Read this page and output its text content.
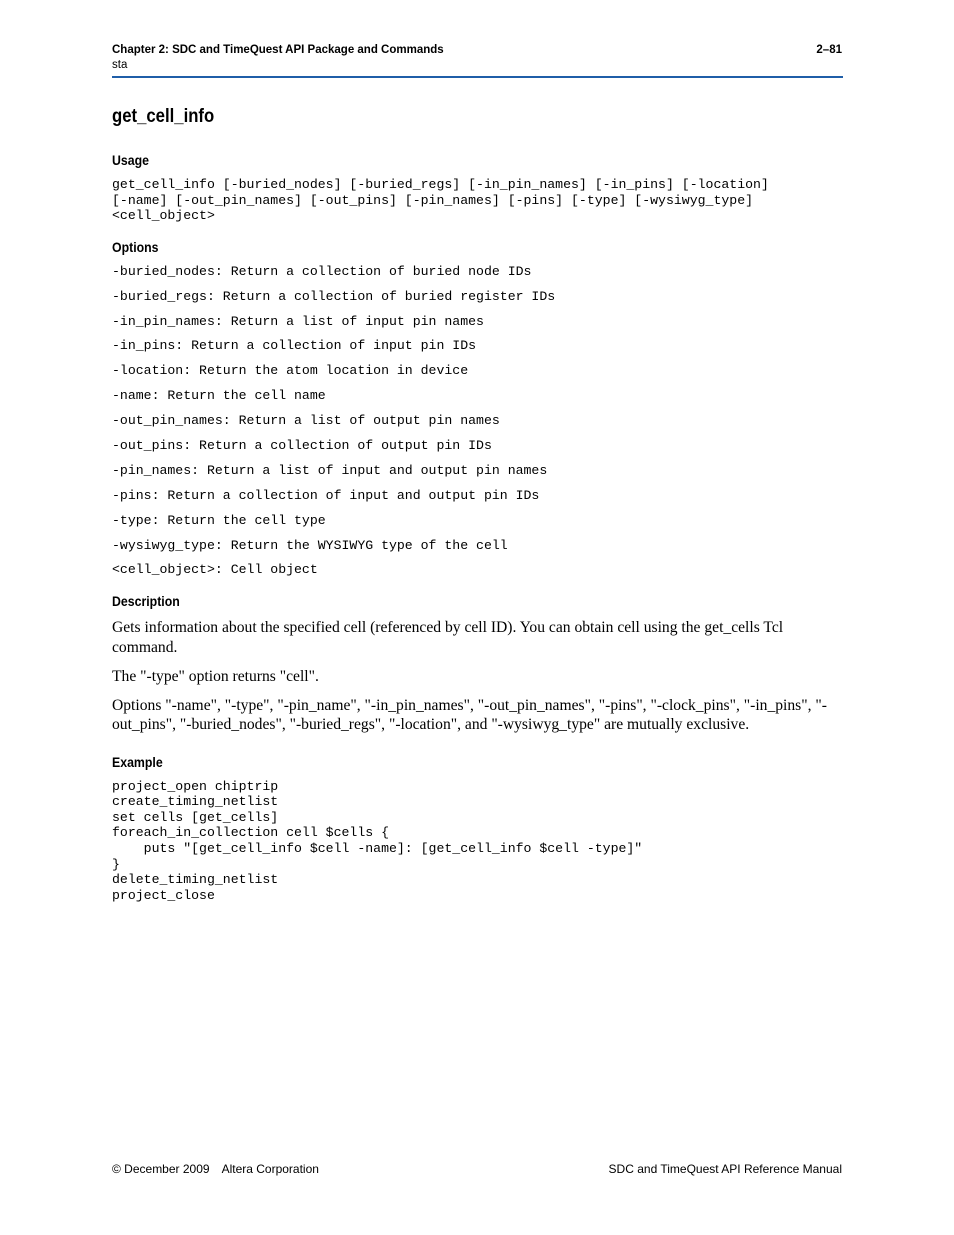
Chapter 2: SDC and TimeQuest API Package and Commands
sta
2–81
get_cell_info
Usage
get_cell_info [-buried_nodes] [-buried_regs] [-in_pin_names] [-in_pins] [-location]
[-name] [-out_pin_names] [-out_pins] [-pin_names] [-pins] [-type] [-wysiwyg_type]
<cell_object>
Options
-buried_nodes: Return a collection of buried node IDs
-buried_regs: Return a collection of buried register IDs
-in_pin_names: Return a list of input pin names
-in_pins: Return a collection of input pin IDs
-location: Return the atom location in device
-name: Return the cell name
-out_pin_names: Return a list of output pin names
-out_pins: Return a collection of output pin IDs
-pin_names: Return a list of input and output pin names
-pins: Return a collection of input and output pin IDs
-type: Return the cell type
-wysiwyg_type: Return the WYSIWYG type of the cell
<cell_object>: Cell object
Description

Gets information about the specified cell (referenced by cell ID). You can obtain cell using the get_cells Tcl command.

The "-type" option returns "cell".

Options "-name", "-type", "-pin_name", "-in_pin_names", "-out_pin_names", "-pins", "-clock_pins", "-in_pins", "-out_pins", "-buried_nodes", "-buried_regs", "-location", and "-wysiwyg_type" are mutually exclusive.

Example
project_open chiptrip
create_timing_netlist
set cells [get_cells]
foreach_in_collection cell $cells {
puts "[get_cell_info $cell -name]: [get_cell_info $cell -type]"
}
delete_timing_netlist
project_close
© December 2009 Altera Corporation	SDC and TimeQuest API Reference Manual
